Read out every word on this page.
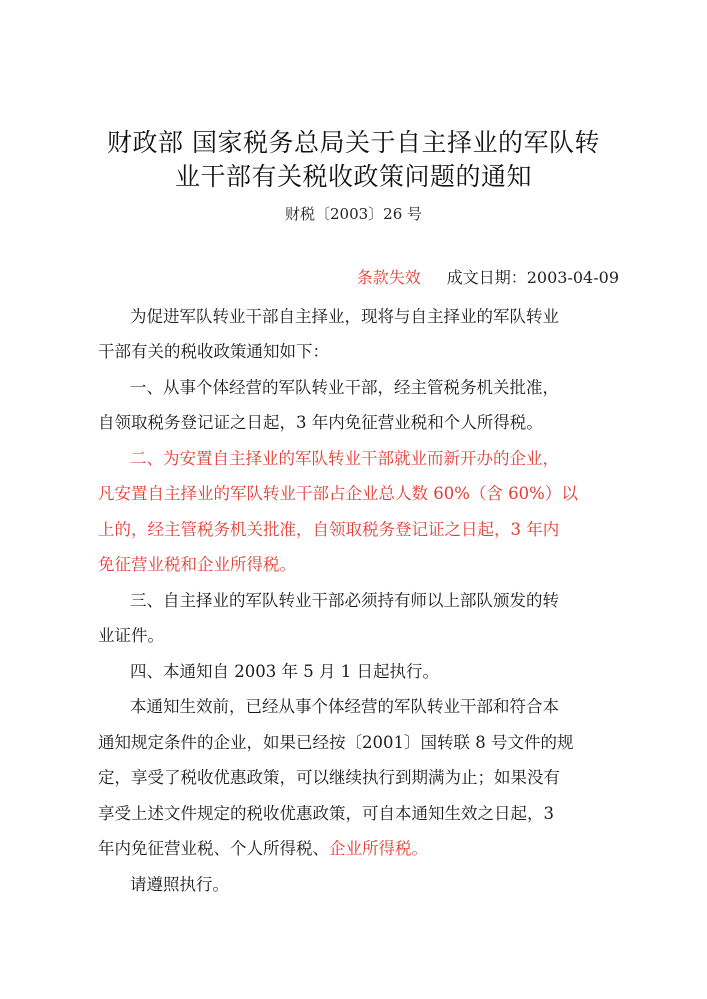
财政部 国家税务总局关于自主择业的军队转
业干部有关税收政策问题的通知
财税〔2003〕26 号
条款失效 成文日期：2003-04-09
为促进军队转业干部自主择业，现将与自主择业的军队转业
干部有关的税收政策通知如下：
一、从事个体经营的军队转业干部，经主管税务机关批准，
自领取税务登记证之日起，3 年内免征营业税和个人所得税。
二、为安置自主择业的军队转业干部就业而新开办的企业，
凡安置自主择业的军队转业干部占企业总人数 60%（含 60%）以
上的，经主管税务机关批准，自领取税务登记证之日起，3 年内
免征营业税和企业所得税。
三、自主择业的军队转业干部必须持有师以上部队颁发的转
业证件。
四、本通知自 2003 年 5 月 1 日起执行。
本通知生效前，已经从事个体经营的军队转业干部和符合本
通知规定条件的企业，如果已经按〔2001〕国转联 8 号文件的规
定，享受了税收优惠政策，可以继续执行到期满为止；如果没有
享受上述文件规定的税收优惠政策，可自本通知生效之日起，3
年内免征营业税、个人所得税、企业所得税。
请遵照执行。
